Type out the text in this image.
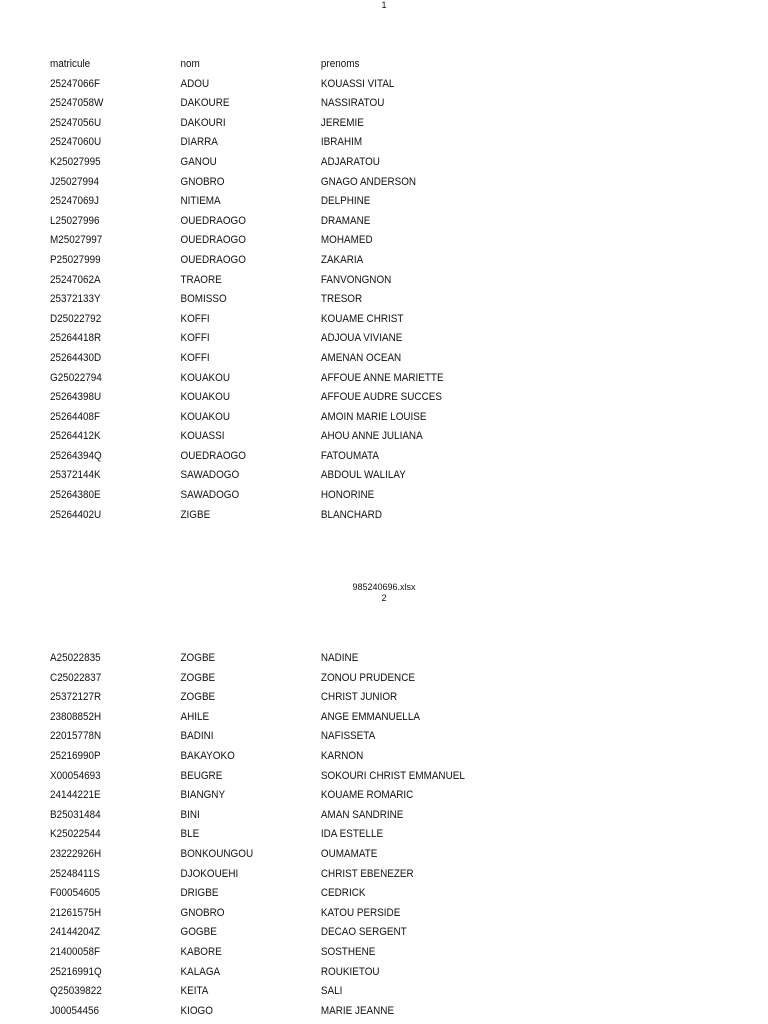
1
matricule	nom	prenoms
25247066F	ADOU	KOUASSI VITAL
25247058W	DAKOURE	NASSIRATOU
25247056U	DAKOURI	JEREMIE
25247060U	DIARRA	IBRAHIM
K25027995	GANOU	ADJARATOU
J25027994	GNOBRO	GNAGO ANDERSON
25247069J	NITIEMA	DELPHINE
L25027996	OUEDRAOGO	DRAMANE
M25027997	OUEDRAOGO	MOHAMED
P25027999	OUEDRAOGO	ZAKARIA
25247062A	TRAORE	FANVONGNON
25372133Y	BOMISSO	TRESOR
D25022792	KOFFI	KOUAME CHRIST
25264418R	KOFFI	ADJOUA VIVIANE
25264430D	KOFFI	AMENAN OCEAN
G25022794	KOUAKOU	AFFOUE ANNE MARIETTE
25264398U	KOUAKOU	AFFOUE AUDRE SUCCES
25264408F	KOUAKOU	AMOIN MARIE LOUISE
25264412K	KOUASSI	AHOU ANNE JULIANA
25264394Q	OUEDRAOGO	FATOUMATA
25372144K	SAWADOGO	ABDOUL WALILAY
25264380E	SAWADOGO	HONORINE
25264402U	ZIGBE	BLANCHARD
985240696.xlsx
2
A25022835	ZOGBE	NADINE
C25022837	ZOGBE	ZONOU PRUDENCE
25372127R	ZOGBE	CHRIST JUNIOR
23808852H	AHILE	ANGE EMMANUELLA
22015778N	BADINI	NAFISSETA
25216990P	BAKAYOKO	KARNON
X00054693	BEUGRE	SOKOURI CHRIST EMMANUEL
24144221E	BIANGNY	KOUAME ROMARIC
B25031484	BINI	AMAN SANDRINE
K25022544	BLE	IDA ESTELLE
23222926H	BONKOUNGOU	OUMAMATE
25248411S	DJOKOUEHI	CHRIST EBENEZER
F00054605	DRIGBE	CEDRICK
21261575H	GNOBRO	KATOU PERSIDE
24144204Z	GOGBE	DECAO SERGENT
21400058F	KABORE	SOSTHENE
25216991Q	KALAGA	ROUKIETOU
Q25039822	KEITA	SALI
J00054456	KIOGO	MARIE JEANNE
